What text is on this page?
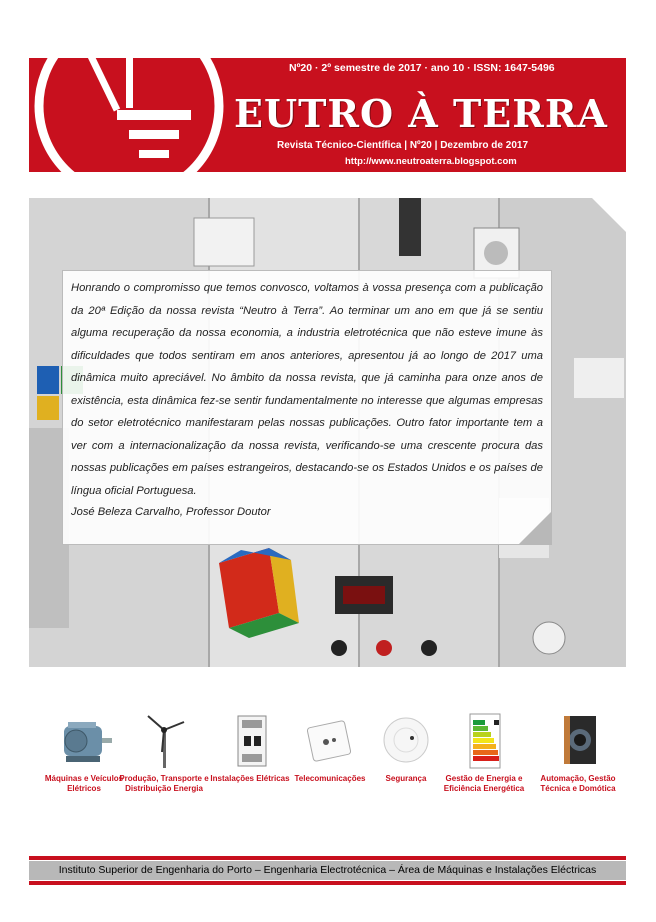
Nº20 · 2º semestre de 2017 · ano 10 · ISSN: 1647-5496
EUTRO À TERRA
Revista Técnico-Científica | Nº20 | Dezembro de 2017
http://www.neutroaterra.blogspot.com

Honrando o compromisso que temos convosco, voltamos à vossa presença com a publicação da 20ª Edição da nossa revista “Neutro à Terra”. Ao terminar um ano em que já se sentiu alguma recuperação da nossa economia, a industria eletrotécnica que não esteve imune às dificuldades que todos sentiram em anos anteriores, apresentou já ao longo de 2017 uma dinâmica muito apreciável. No âmbito da nossa revista, que já caminha para onze anos de existência, esta dinâmica fez-se sentir fundamentalmente no interesse que algumas empresas do setor eletrotécnico manifestaram pelas nossas publicações. Outro fator importante tem a ver com a internacionalização da nossa revista, verificando-se uma crescente procura das nossas publicações em países estrangeiros, destacando-se os Estados Unidos e os países de língua oficial Portuguesa.

José Beleza Carvalho, Professor Doutor

Máquinas e Veículos Elétricos
Produção, Transporte e Distribuição Energia
Instalações Elétricas Telecomunicações	Segurança	Gestão de Energia e Eficiência Energética
Automação, Gestão Técnica e Domótica
Instituto Superior de Engenharia do Porto – Engenharia Electrotécnica – Área de Máquinas e Instalações Eléctricas
